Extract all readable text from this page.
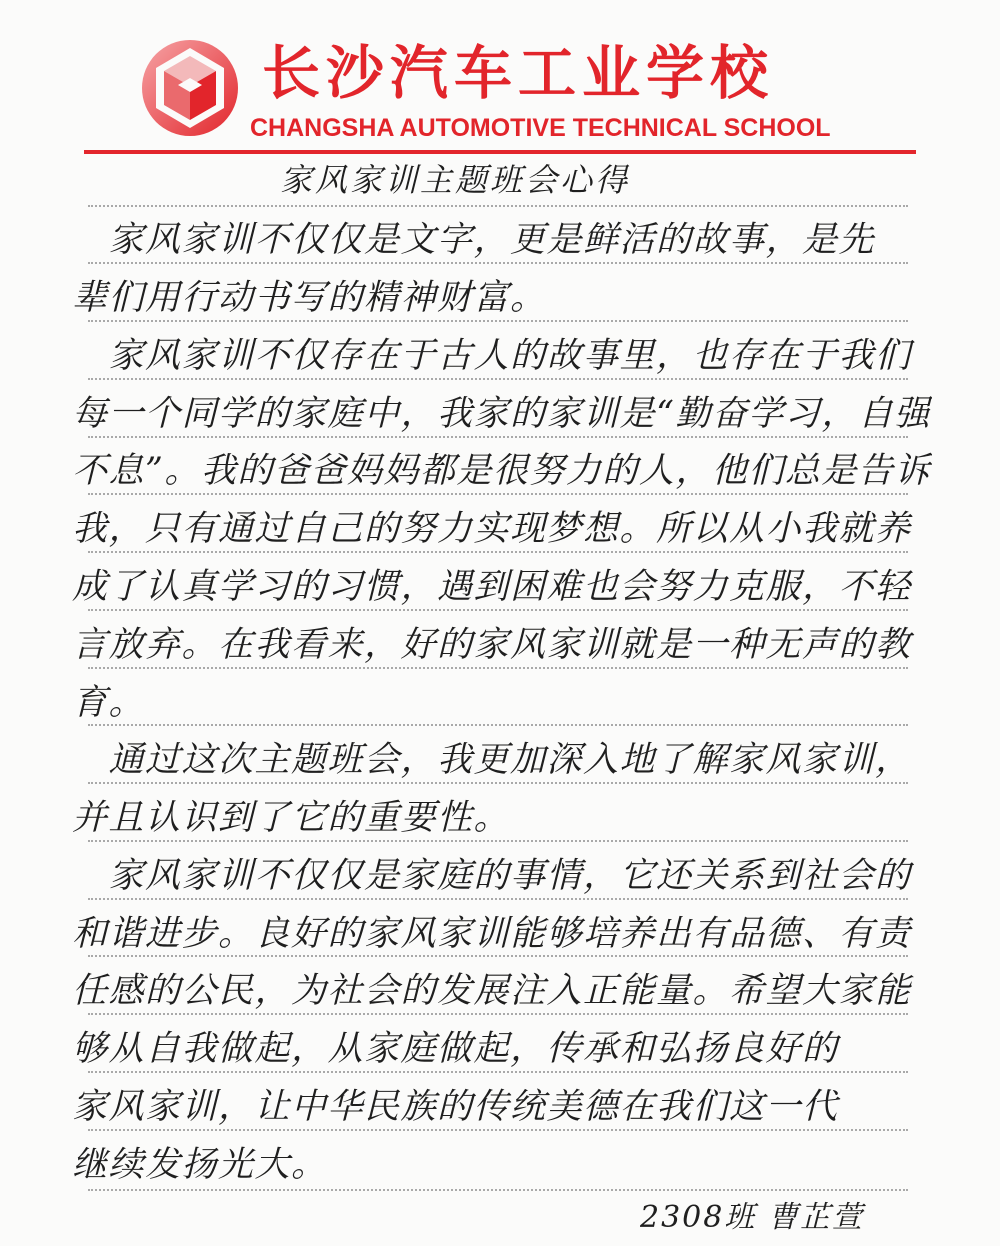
长沙汽车工业学校
CHANGSHA AUTOMOTIVE TECHNICAL SCHOOL
家风家训主题班会心得
　家风家训不仅仅是文字，更是鲜活的故事，是先
辈们用行动书写的精神财富。
　家风家训不仅存在于古人的故事里，也存在于我们
每一个同学的家庭中，我家的家训是“勤奋学习，自强
不息”。我的爸爸妈妈都是很努力的人，他们总是告诉
我，只有通过自己的努力实现梦想。所以从小我就养
成了认真学习的习惯，遇到困难也会努力克服，不轻
言放弃。在我看来，好的家风家训就是一种无声的教
育。
　通过这次主题班会，我更加深入地了解家风家训，
并且认识到了它的重要性。
　家风家训不仅仅是家庭的事情，它还关系到社会的
和谐进步。良好的家风家训能够培养出有品德、有责
任感的公民，为社会的发展注入正能量。希望大家能
够从自我做起，从家庭做起，传承和弘扬良好的
家风家训，让中华民族的传统美德在我们这一代
继续发扬光大。
2308班 曹芷萱
